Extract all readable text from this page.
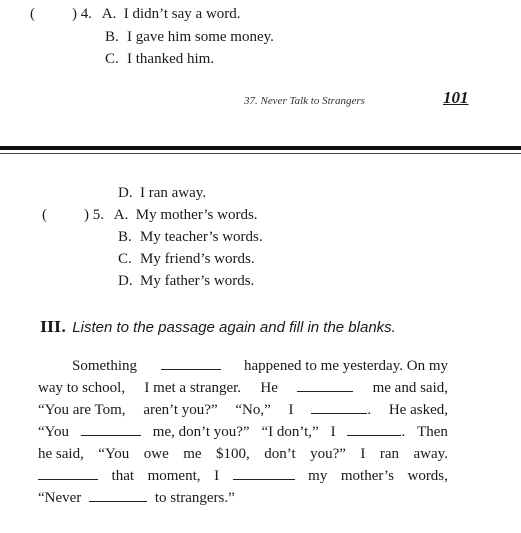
( ) 4. A. I didn’t say a word.
B. I gave him some money.
C. I thanked him.
37. Never Talk to Strangers	101
D. I ran away.
( ) 5. A. My mother’s words.
B. My teacher’s words.
C. My friend’s words.
D. My father’s words.
III. Listen to the passage again and fill in the blanks.
Something	happened to me yesterday. On my
way to school, I met a stranger. He	me and said,
“You are Tom, aren’t you?” “No,” I	. He asked,
“You	me, don’t you?” “I don’t,” I	. Then
he said, “You owe me $100, don’t you?” I ran away.
that moment, I	my mother’s words,
“Never	to strangers.”
